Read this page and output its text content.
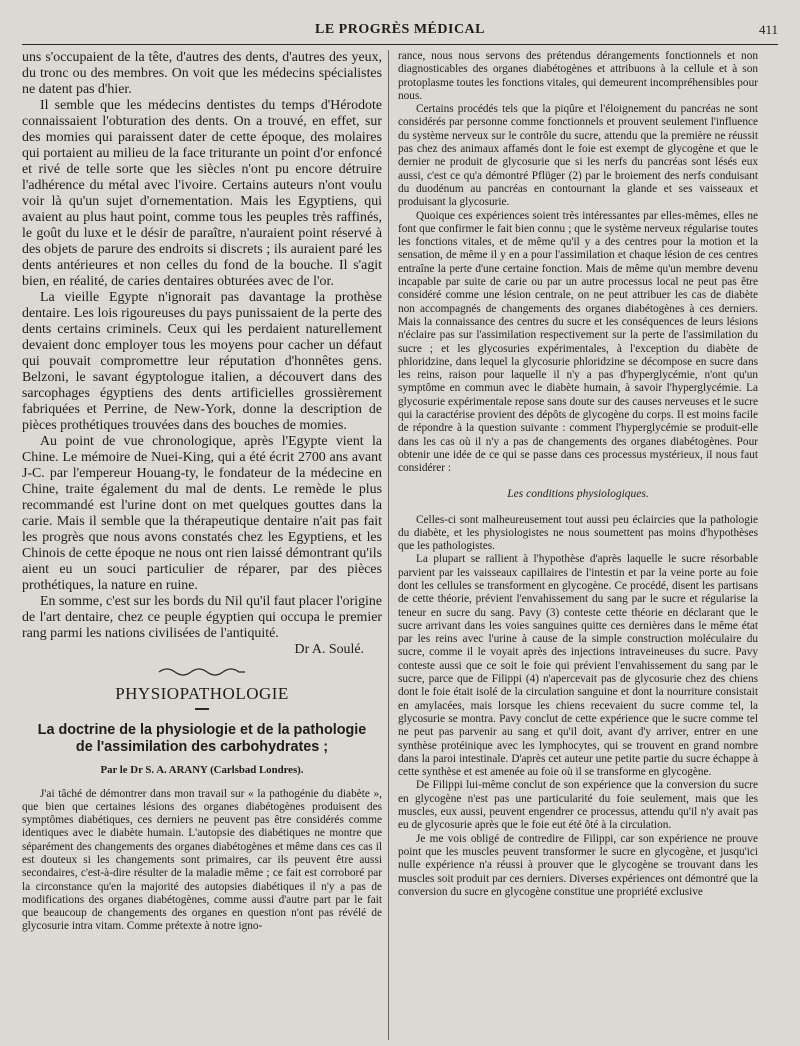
LE PROGRÈS MÉDICAL	411

uns s'occupaient de la tête, d'autres des dents, d'autres des yeux, du tronc ou des membres. On voit que les médecins spécialistes ne datent pas d'hier.

Il semble que les médecins dentistes du temps d'Hérodote connaissaient l'obturation des dents. On a trouvé, en effet, sur des momies qui paraissent dater de cette époque, des molaires qui portaient au milieu de la face triturante un point d'or enfoncé et rivé de telle sorte que les siècles n'ont pu encore détruire l'adhérence du métal avec l'ivoire. Certains auteurs n'ont voulu voir là qu'un sujet d'ornementation. Mais les Egyptiens, qui avaient au plus haut point, comme tous les peuples très raffinés, le goût du luxe et le désir de paraître, n'auraient point réservé à des objets de parure des endroits si discrets ; ils auraient paré les dents antérieures et non celles du fond de la bouche. Il s'agit bien, en réalité, de caries dentaires obturées avec de l'or.

La vieille Egypte n'ignorait pas davantage la prothèse dentaire. Les lois rigoureuses du pays punissaient de la perte des dents certains criminels. Ceux qui les perdaient naturellement devaient donc employer tous les moyens pour cacher un défaut qui pouvait compromettre leur réputation d'honnêtes gens. Belzoni, le savant égyptologue italien, a découvert dans des sarcophages égyptiens des dents artificielles grossièrement fabriquées et Perrine, de New-York, donne la description de pièces prothétiques trouvées dans des bouches de momies.

Au point de vue chronologique, après l'Egypte vient la Chine. Le mémoire de Nuei-King, qui a été écrit 2700 ans avant J-C. par l'empereur Houang-ty, le fondateur de la médecine en Chine, traite également du mal de dents. Le remède le plus recommandé est l'urine dont on met quelques gouttes dans la carie. Mais il semble que la thérapeutique dentaire n'ait pas fait les progrès que nous avons constatés chez les Egyptiens, et les Chinois de cette époque ne nous ont rien laissé démontrant qu'ils aient eu un souci particulier de réparer, par des pièces prothétiques, la nature en ruine.

En somme, c'est sur les bords du Nil qu'il faut placer l'origine de l'art dentaire, chez ce peuple égyptien qui occupa le premier rang parmi les nations civilisées de l'antiquité.

Dr A. Soulé.
PHYSIOPATHOLOGIE
La doctrine de la physiologie et de la pathologie
de l'assimilation des carbohydrates ;
Par le Dr S. A. ARANY (Carlsbad Londres).

J'ai tâché de démontrer dans mon travail sur « la pathogénie du diabète », que bien que certaines lésions des organes diabétogènes produisent des symptômes diabétiques, ces derniers ne peuvent pas être considérés comme identiques avec le diabète humain. L'autopsie des diabétiques ne montre que séparément des changements des organes diabétogènes et même dans ces cas il est douteux si les changements sont primaires, car ils peuvent être aussi secondaires, c'est-à-dire résulter de la maladie même ; ce fait est corroboré par la circonstance qu'en la majorité des autopsies diabétiques il n'y a pas de modifications des organes diabétogènes, comme aussi d'autre part par le fait que beaucoup de changements des organes en question n'ont pas révélé de glycosurie intra vitam. Comme prétexte à notre igno-

rance, nous nous servons des prétendus dérangements fonctionnels et non diagnosticables des organes diabétogènes et attribuons à la cellule et à son protoplasme toutes les fonctions vitales, qui demeurent incompréhensibles pour nous.

Certains procédés tels que la piqûre et l'éloignement du pancréas ne sont considérés par personne comme fonctionnels et prouvent seulement l'influence du système nerveux sur le contrôle du sucre, attendu que la première ne réussit pas chez des animaux affamés dont le foie est exempt de glycogène et que le dernier ne produit de glycosurie que si les nerfs du pancréas sont lésés eux aussi, c'est ce qu'a démontré Pflüger (2) par le broiement des nerfs conduisant du duodénum au pancréas en contournant la glande et ses vaisseaux et produisant la glycosurie.

Quoique ces expériences soient très intéressantes par elles-mêmes, elles ne font que confirmer le fait bien connu ; que le système nerveux régularise toutes les fonctions vitales, et de même qu'il y a des centres pour la motion et la sensation, de même il y en a pour l'assimilation et chaque lésion de ces centres entraîne la perte d'une certaine fonction. Mais de même qu'un membre devenu incapable par suite de carie ou par un autre processus local ne peut pas être considéré comme une lésion centrale, on ne peut attribuer les cas de diabète non accompagnés de changements des organes diabétogènes à ces derniers. Mais la connaissance des centres du sucre et les conséquences de leurs lésions n'éclaire pas sur l'assimilation respectivement sur la perte de l'assimilation du sucre ; et les glycosuries expérimentales, à l'exception du diabète de phloridzine, dans lequel la glycosurie phloridzine se décompose en sucre dans les reins, raison pour laquelle il n'y a pas d'hyperglycémie, n'ont qu'un symptôme en commun avec le diabète humain, à savoir l'hyperglycémie. La glycosurie expérimentale repose sans doute sur des causes nerveuses et le sucre qui la caractérise provient des dépôts de glycogène du corps. Il est moins facile de répondre à la question suivante : comment l'hyperglycémie se produit-elle dans les cas où il n'y a pas de changements des organes diabétogènes. Pour obtenir une idée de ce qui se passe dans ces processus mystérieux, il nous faut considérer :

Les conditions physiologiques.

Celles-ci sont malheureusement tout aussi peu éclaircies que la pathologie du diabète, et les physiologistes ne nous soumettent pas moins d'hypothèses que les pathologistes.

La plupart se rallient à l'hypothèse d'après laquelle le sucre résorbable parvient par les vaisseaux capillaires de l'intestin et par la veine porte au foie dont les cellules se transforment en glycogène. Ce procédé, disent les partisans de cette théorie, prévient l'envahissement du sang par le sucre et régularise la teneur en sucre du sang. Pavy (3) conteste cette théorie en déclarant que le sucre arrivant dans les voies sanguines quitte ces dernières dans le même état par les reins avec l'urine à cause de la simple construction moléculaire du sucre, comme il le voyait après des injections intraveineuses du sucre. Pavy conteste aussi que ce soit le foie qui prévient l'envahissement du sang par le sucre, parce que de Filippi (4) n'apercevait pas de glycosurie chez des chiens dont le foie était isolé de la circulation sanguine et dont la nourriture consistait en amylacées, mais lorsque les chiens recevaient du sucre comme tel, la glycosurie se montra. Pavy conclut de cette expérience que le sucre comme tel ne peut pas parvenir au sang et qu'il doit, avant d'y arriver, entrer en une synthèse protéinique avec les lymphocytes, qui se trouvent en grand nombre dans la paroi intestinale. D'après cet auteur une petite partie du sucre échappe à cette synthèse et est amenée au foie où il se transforme en glycogène.

De Filippi lui-même conclut de son expérience que la conversion du sucre en glycogène n'est pas une particularité du foie seulement, mais que les muscles, eux aussi, peuvent engendrer ce processus, attendu qu'il n'y avait pas eu de glycosurie après que le foie eut été ôté à la circulation.

Je me vois obligé de contredire de Filippi, car son expérience ne prouve point que les muscles peuvent transformer le sucre en glycogène, et jusqu'ici nulle expérience n'a réussi à prouver que le glycogène se trouvant dans les muscles soit produit par ces derniers. Diverses expériences ont démontré que la conversion du sucre en glycogène constitue une propriété exclusive
